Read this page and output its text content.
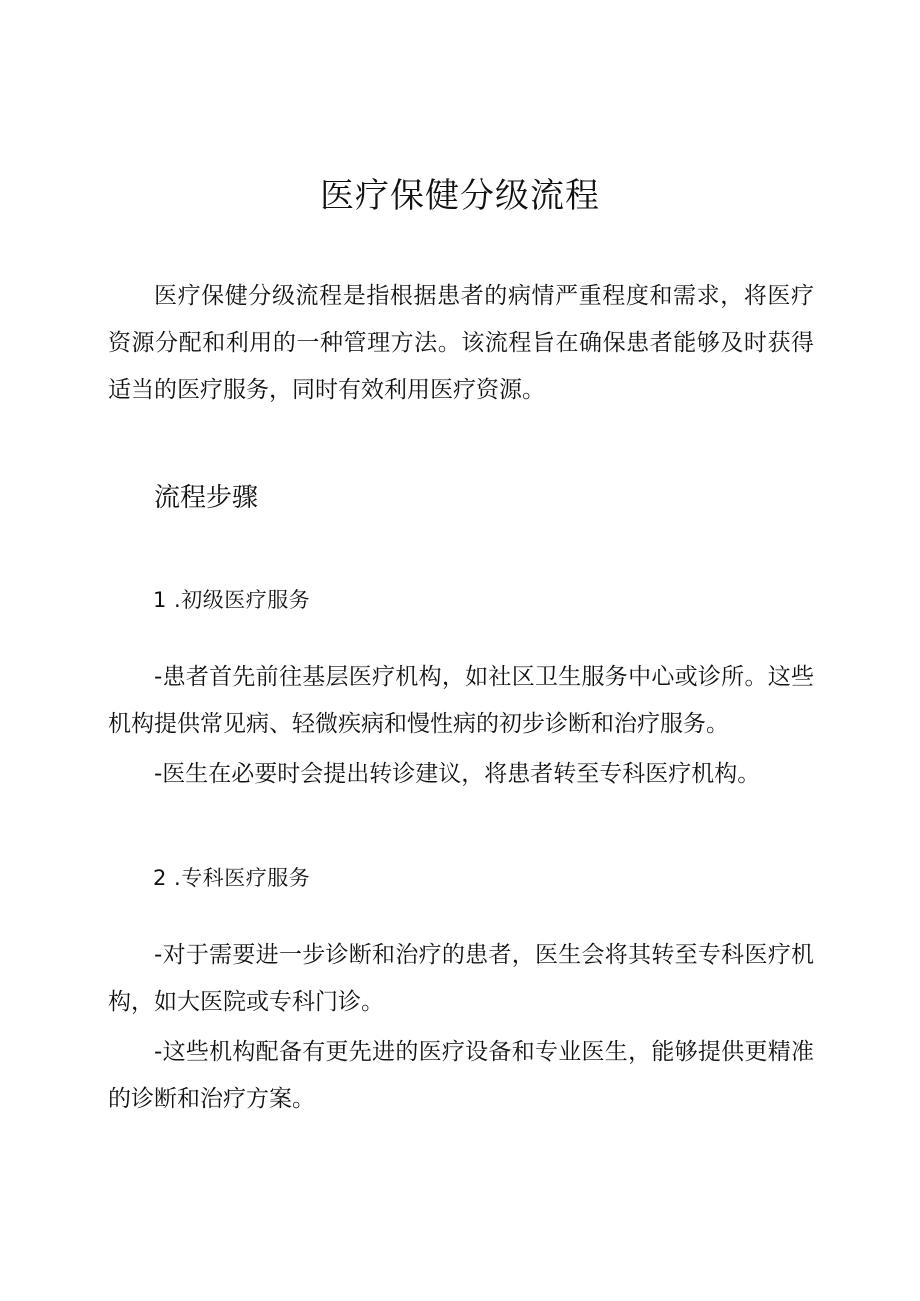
医疗保健分级流程

医疗保健分级流程是指根据患者的病情严重程度和需求，将医疗资源分配和利用的一种管理方法。该流程旨在确保患者能够及时获得适当的医疗服务，同时有效利用医疗资源。

流程步骤
1 .初级医疗服务

-患者首先前往基层医疗机构，如社区卫生服务中心或诊所。这些机构提供常见病、轻微疾病和慢性病的初步诊断和治疗服务。

-医生在必要时会提出转诊建议，将患者转至专科医疗机构。

2 .专科医疗服务

-对于需要进一步诊断和治疗的患者，医生会将其转至专科医疗机构，如大医院或专科门诊。

-这些机构配备有更先进的医疗设备和专业医生，能够提供更精准的诊断和治疗方案。
